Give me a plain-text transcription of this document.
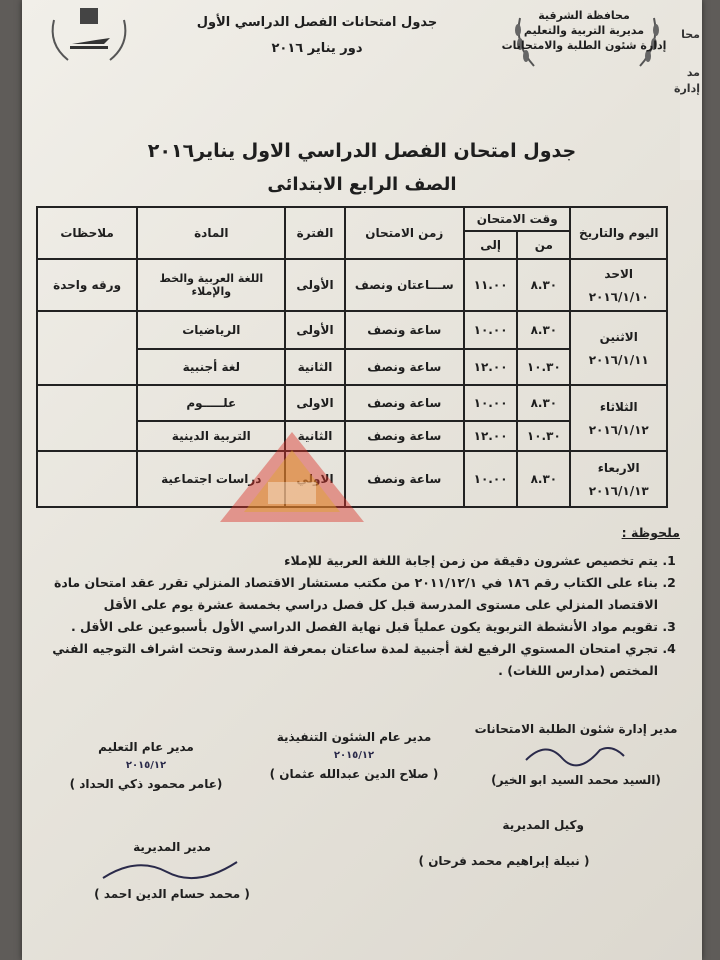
محا
مد
إدارة
محافظة الشرقية
مديرية التربية والتعليم
إدارة شئون الطلبة والامتحانات
جدول امتحانات الفصل الدراسي الأول
دور يناير ٢٠١٦
جدول امتحان الفصل الدراسي الاول يناير٢٠١٦
الصف الرابع الابتدائى
اليوم والتاريخ	وقت الامتحان		زمن الامتحان	الفترة	المادة	ملاحظات
	من	إلى				

الاحد
٢٠١٦/١/١٠	٨.٣٠	١١.٠٠	ســـاعتان ونصف	الأولى	اللغة العربية والخط والإملاء	ورقه واحدة

الاثنين
٢٠١٦/١/١١	٨.٣٠	١٠.٠٠	ساعة ونصف	الأولى	الرياضيات	
	١٠.٣٠	١٢.٠٠	ساعة ونصف	الثانية	لغة أجنبية	

الثلاثاء
٢٠١٦/١/١٢	٨.٣٠	١٠.٠٠	ساعة ونصف	الاولى	علـــــوم	
	١٠.٣٠	١٢.٠٠	ساعة ونصف	الثانية	التربية الدينية	

الاربعاء
٢٠١٦/١/١٣	٨.٣٠	١٠.٠٠	ساعة ونصف	الاولي	دراسات اجتماعية	
ملحوظة :
1. يتم تخصيص عشرون دقيقة من زمن إجابة اللغة العربية للإملاء
2. بناء على الكتاب رقم ١٨٦ في ٢٠١١/١٢/١ من مكتب مستشار الاقتصاد المنزلي تقرر عقد امتحان مادة الاقتصاد المنزلي على مستوى المدرسة قبل كل فصل دراسي بخمسة عشرة يوم على الأقل
3. تقويم مواد الأنشطة التربوية يكون عملياً قبل نهاية الفصل الدراسي الأول بأسبوعين على الأقل .
4. تجري امتحان المستوي الرفيع لغة أجنبية لمدة ساعتان بمعرفة المدرسة وتحت اشراف التوجيه الفني المختص (مدارس اللغات) .
مدير إدارة شئون الطلبة الامتحانات
(السيد محمد السيد ابو الخير)
مدير عام الشئون التنفيذية
٢٠١٥/١٢
( صلاح الدين عبدالله عثمان )
مدير عام التعليم
٢٠١٥/١٢
(عامر محمود ذكي الحداد )
وكيل المديرية
( نبيلة إبراهيم محمد فرحان )
مدير المديرية
( محمد حسام الدين احمد )
